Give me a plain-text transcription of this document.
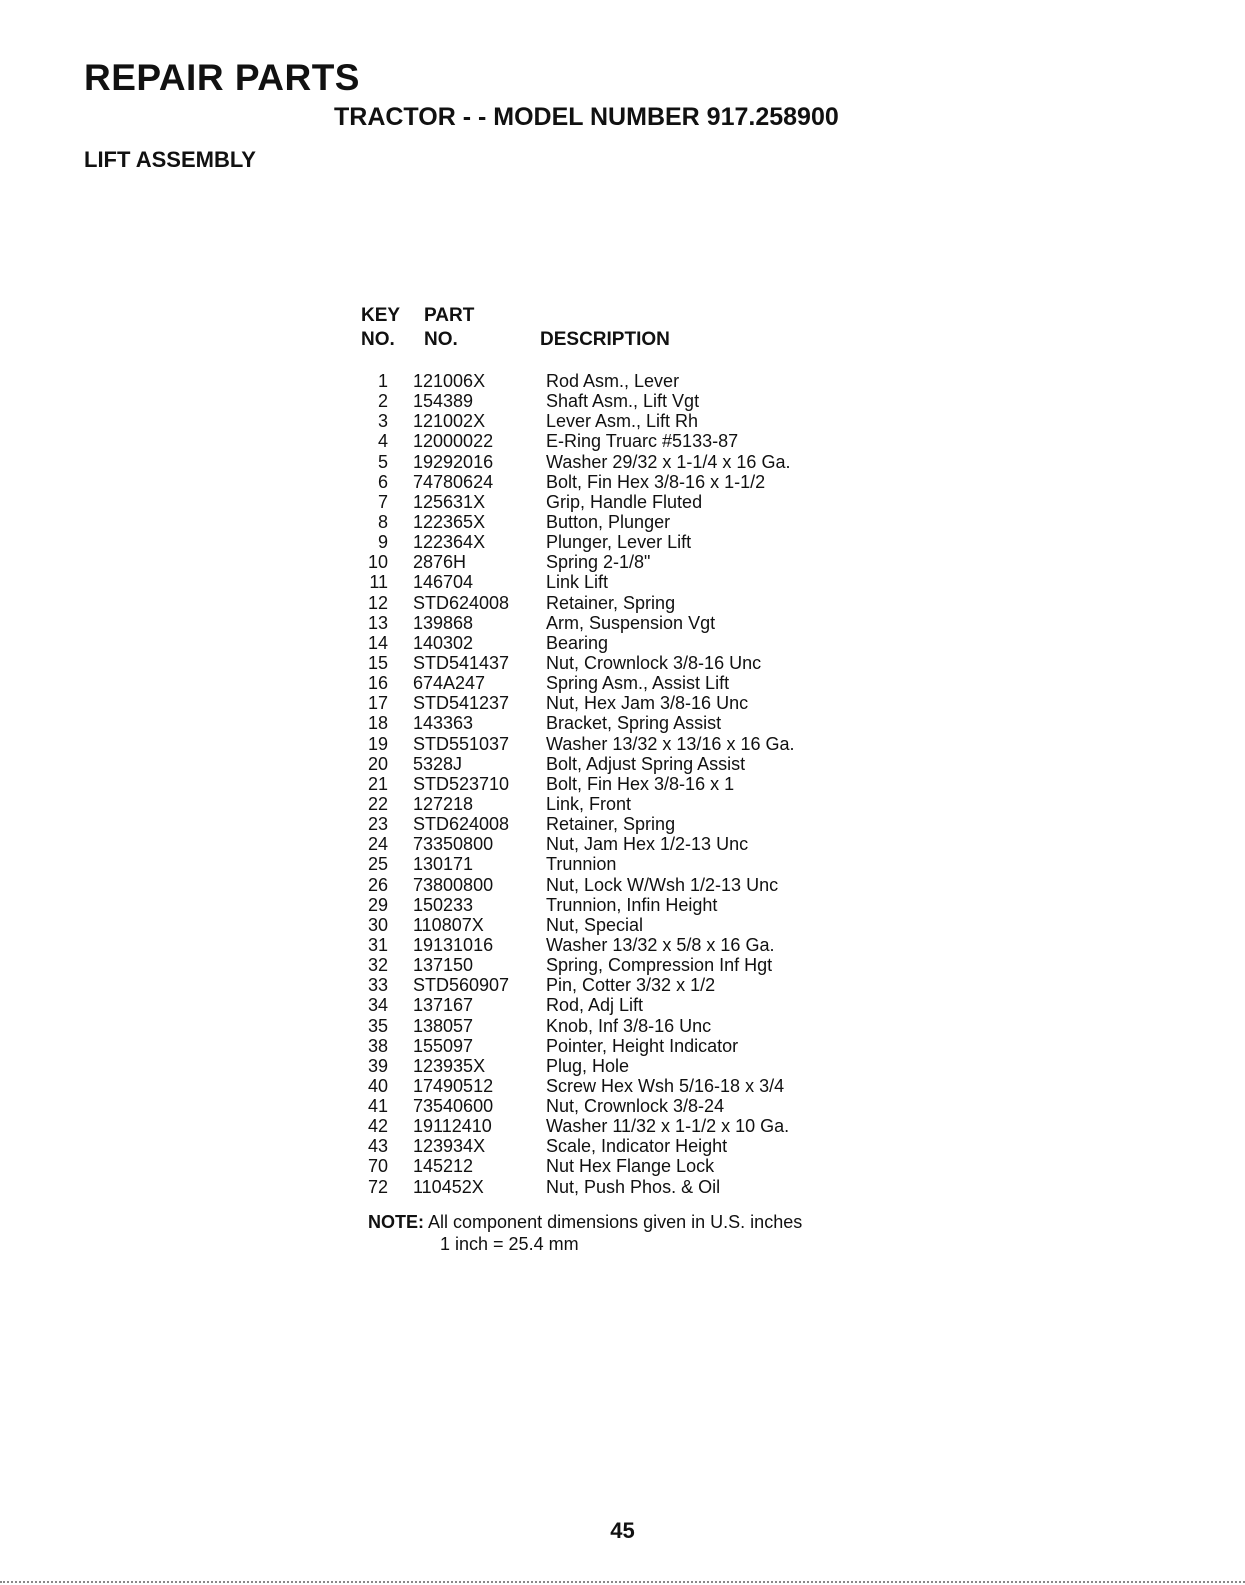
REPAIR PARTS
TRACTOR - - MODEL NUMBER 917.258900
LIFT ASSEMBLY
KEY
NO.
PART
NO.	DESCRIPTION
1	121006X	Rod Asm., Lever
2	154389	Shaft Asm., Lift Vgt
3	121002X	Lever Asm., Lift Rh
4	12000022	E-Ring Truarc #5133-87
5	19292016	Washer 29/32 x 1-1/4 x 16 Ga.
6	74780624	Bolt, Fin Hex 3/8-16 x 1-1/2
7	125631X	Grip, Handle Fluted
8	122365X	Button, Plunger
9	122364X	Plunger, Lever Lift
10	2876H	Spring 2-1/8"
11	146704	Link Lift
12	STD624008	Retainer, Spring
13	139868	Arm, Suspension Vgt
14	140302	Bearing
15	STD541437	Nut, Crownlock 3/8-16 Unc
16	674A247	Spring Asm., Assist Lift
17	STD541237	Nut, Hex Jam 3/8-16 Unc
18	143363	Bracket, Spring Assist
19	STD551037	Washer 13/32 x 13/16 x 16 Ga.
20	5328J	Bolt, Adjust Spring Assist
21	STD523710	Bolt, Fin Hex 3/8-16 x 1
22	127218	Link, Front
23	STD624008	Retainer, Spring
24	73350800	Nut, Jam Hex 1/2-13 Unc
25	130171	Trunnion
26	73800800	Nut, Lock W/Wsh 1/2-13 Unc
29	150233	Trunnion, Infin Height
30	110807X	Nut, Special
31	19131016	Washer 13/32 x 5/8 x 16 Ga.
32	137150	Spring, Compression Inf Hgt
33	STD560907	Pin, Cotter 3/32 x 1/2
34	137167	Rod, Adj Lift
35	138057	Knob, Inf 3/8-16 Unc
38	155097	Pointer, Height Indicator
39	123935X	Plug, Hole
40	17490512	Screw Hex Wsh 5/16-18 x 3/4
41	73540600	Nut, Crownlock 3/8-24
42	19112410	Washer 11/32 x 1-1/2 x 10 Ga.
43	123934X	Scale, Indicator Height
70	145212	Nut Hex Flange Lock
72	110452X	Nut, Push Phos. & Oil
NOTE: All component dimensions given in U.S. inches
1 inch = 25.4 mm
45
